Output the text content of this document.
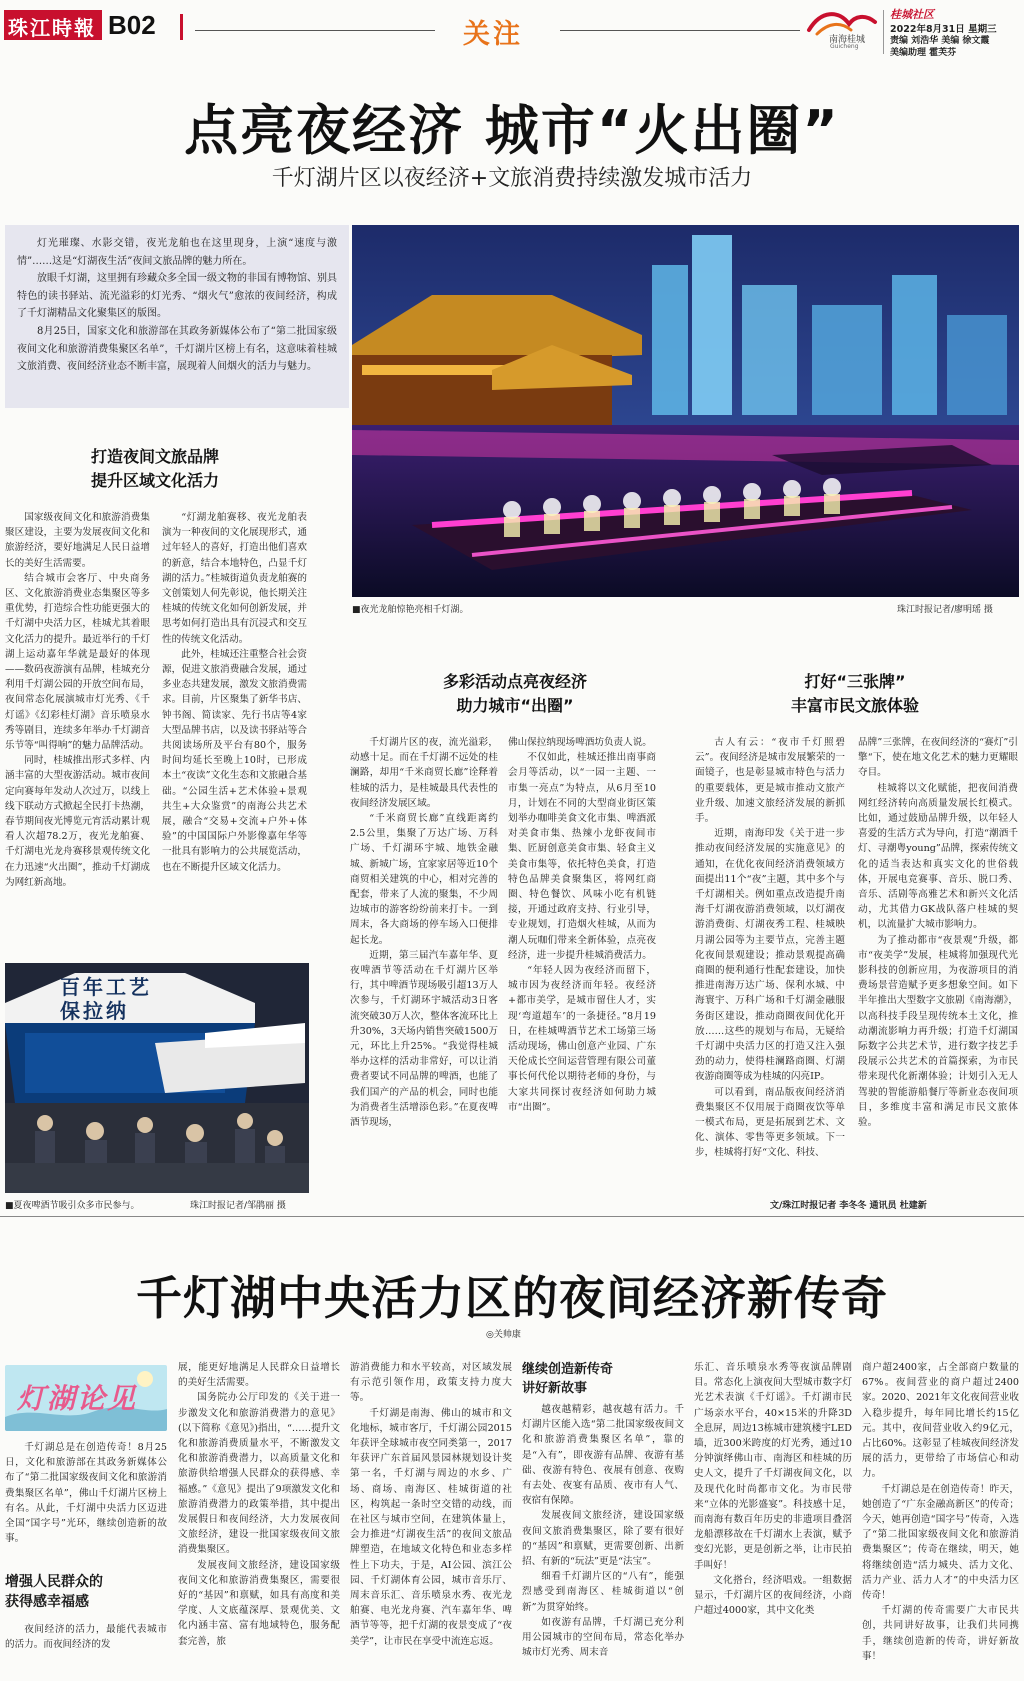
珠江時報 B02	关注	南海桂城
Guicheng
桂城社区
2022年8月31日 星期三
责编 刘浩华 美编 徐文霞
美编助理 霍芙芬
点亮夜经济 城市“火出圈”
千灯湖片区以夜经济+文旅消费持续激发城市活力

灯光璀璨、水影交错，夜光龙舶也在这里现身，上演“速度与激情”……这是“灯湖夜生活”夜间文旅品牌的魅力所在。

放眼千灯湖，这里拥有珍藏众多全国一级文物的非国有博物馆、别具特色的读书驿站、流光溢彩的灯光秀、“烟火气”愈浓的夜间经济，构成了千灯湖精品文化聚集区的版图。

8月25日，国家文化和旅游部在其政务新媒体公布了“第二批国家级夜间文化和旅游消费集聚区名单”，千灯湖片区榜上有名，这意味着桂城文旅消费、夜间经济业态不断丰富，展现着人间烟火的活力与魅力。

■夜光龙舶惊艳亮相千灯湖。	珠江时报记者/廖明瑶 摄
打造夜间文旅品牌
提升区域文化活力

国家级夜间文化和旅游消费集聚区建设，主要为发展夜间文化和旅游经济，要好地满足人民日益增长的美好生活需要。

结合城市会客厅、中央商务区、文化旅游消费业态集聚区等多重优势，打造综合性功能更强大的千灯湖中央活力区，桂城尤其着眼文化活力的提升。最近举行的千灯湖上运动嘉年华就是最好的体现——数码夜游演有品牌，桂城充分利用千灯湖公园的开放空间布局，夜间常态化展演城市灯光秀、《千灯谣》《幻彩桂灯湖》音乐喷泉水秀等剧目，连续多年举办千灯湖音乐节等“叫得响”的魅力品牌活动。

同时，桂城推出形式多样、内涵丰富的大型夜游活动。城市夜间定向赛每年发动人次过万，以线上线下联动方式掀起全民打卡热潮，春节期间夜光博览元宵活动累计观看人次超78.2万，夜光龙舶赛、千灯湖电光龙舟赛移景观传统文化在力迅速“火出圈”，推动千灯湖成为网红新高地。

“灯湖龙舶赛移、夜光龙舶表演为一种夜间的文化展现形式，通过年轻人的喜好，打造出他们喜欢的新意，结合本地特色，凸显千灯湖的活力。”桂城街道负责龙舶赛的文创策划人何先彰说，他长期关注桂城的传统文化如何创新发展，并思考如何打造出具有沉浸式和交互性的传统文化活动。

此外，桂城还注重整合社会资源，促进文旅消费融合发展，通过多业态共建发展，激发文旅消费需求。目前，片区聚集了新华书店、钟书阁、简读家、先行书店等4家大型品牌书店，以及读书驿站等合共阅读场所及平台有80个，服务时间均延长至晚上10时，已形成本土“夜读”文化生态和文旅融合基础。“公园生活+艺术体验+景观共生+大众鉴赏”的南海公共艺术展，融合“交易+交流+户外+体验”的中国国际户外影像嘉年华等一批具有影响力的公共展览活动，也在不断提升区域文化活力。

百年工艺 保拉纳
■夏夜啤酒节吸引众多市民参与。	珠江时报记者/邹鹃丽 摄
多彩活动点亮夜经济
助力城市“出圈”

千灯湖片区的夜，流光溢彩，动感十足。而在千灯湖不远处的桂澜路，却用“千米商贸长廊”诠释着桂城的活力，是桂城最具代表性的夜间经济发展区域。

“千米商贸长廊”直线距离约2.5公里，集聚了万达广场、万科广场、千灯湖环宇城、地铁金融城、新城广场，宜家家居等近10个商贸相关建筑的中心，相对完善的配套，带来了人流的聚集，不少周边城市的游客纷纷前来打卡。一到周末，各大商场的停车场入口便排起长龙。

近期，第三届汽车嘉年华、夏夜啤酒节等活动在千灯湖片区举行，其中啤酒节现场吸引超13万人次参与，千灯湖环宇城活动3日客流突破30万人次，整体客流环比上升30%，3天场内销售突破1500万元，环比上升25%。“我觉得桂城举办这样的活动非常好，可以让消费者要试不同品牌的啤酒，也能了我们国产的产品的机会，同时也能为消费者生活增添色彩。”在夏夜啤酒节现场，

佛山保拉纳现场啤酒坊负责人说。

不仅如此，桂城还推出南事商会月等活动，以“一园一主题、一市集一亮点”为特点，从6月至10月，计划在不同的大型商业街区策划举办咖啡美食文化市集、啤酒派对美食市集、热辣小龙虾夜间市集、匠厨创意美食市集、轻食主义美食市集等，依托特色美食，打造特色品牌美食聚集区，将网红商圈、特色餐饮、风味小吃有机链接，开通过政府支持、行业引导，专业规划，打造烟火桂城，从而为潮人玩咖们带来全新体验，点亮夜经济，进一步提升桂城消费活力。

“年轻人因为夜经济而留下，城市因为夜经济而年轻。夜经济+都市美学，是城市留住人才，实现‘弯道超车’的一条捷径。”8月19日，在桂城啤酒节艺术工场第三场活动现场，佛山创意产业园、广东天伦成长空间运营管理有限公司董事长何代伦以期待老师的身份，与大家共同探讨夜经济如何助力城市“出圈”。

打好“三张牌”
丰富市民文旅体验

古人有云：“夜市千灯照碧云”。夜间经济是城市发展繁荣的一面镜子，也是彰显城市特色与活力的重要载体，更是城市推动文旅产业升级、加速文旅经济发展的新抓手。

近期，南海印发《关于进一步推动夜间经济发展的实施意见》的通知，在优化夜间经济消费领域方面提出11个“夜”主题，其中多个与千灯湖相关。例如重点改造提升南海千灯湖夜游消费领域，以灯湖夜游消费街、灯湖夜秀工程、桂城映月湖公园等为主要节点，完善主题化夜间景观建设；推动景观提高确商圈的便利通行性配套建设，加快推进南海万达广场、保利水城、中海寰宇、万科广场和千灯湖金融服务街区建设，推动商圈夜间优化开放……这些的规划与布局，无疑给千灯湖中央活力区的打造又注入强劲的动力，使得桂澜路商圈、灯湖夜游商圈等成为桂城的闪亮IP。

可以看到，南品版夜间经济消费集聚区不仅用展于商圈夜饮等单一模式布局，更是拓展到艺术、文化、演体、零售等更多领域。下一步，桂城将打好“文化、科技、

品牌”三张牌，在夜间经济的“赛灯”引擎“下，使在地文化艺术的魅力更耀眼夺目。

桂城将以文化赋能，把夜间消费网红经济转向高质量发展长红模式。比如，通过鼓励品牌升级，以年轻人喜爱的生活方式为导向，打造“潮酒千灯、寻潮粤young”品牌，探索传统文化的适当表达和真实文化的世俗载体，开展电竞赛事、音乐、脱口秀、音乐、活剧等高雅艺术和新兴文化活动，尤其借力GK战队落户桂城的契机，以流量扩大城市影响力。

为了推动都市“夜景观”升级，都市“夜美学”发展，桂城将加强现代光影科技的创新应用，为夜游项目的消费场景营造赋予更多想象空间。如下半年推出大型数字文旅剧《南海潮》，以高科技手段呈现传统本土文化，推动潮流影响力再升级；打造千灯湖国际数字公共艺术节，进行数字技艺手段展示公共艺术的首篇探索，为市民带来现代化新潮体验；计划引入无人驾驶的智能游船餐厅等新业态夜间项目，多维度丰富和满足市民文旅体验。

文/珠江时报记者 李冬冬 通讯员 杜建新
千灯湖中央活力区的夜间经济新传奇
◎关帅康
灯湖论见

千灯湖总是在创造传奇！8月25日，文化和旅游部在其政务新媒体公布了“第二批国家级夜间文化和旅游消费集聚区名单”，佛山千灯湖片区榜上有名。从此，千灯湖中央活力区迈进全国“国字号”光环，继续创造新的故事。

增强人民群众的
获得感幸福感

夜间经济的活力，最能代表城市的活力。而夜间经济的发

展，能更好地满足人民群众日益增长的美好生活需要。

国务院办公厅印发的《关于进一步激发文化和旅游消费潜力的意见》(以下简称《意见》)指出，“……提升文化和旅游消费质量水平，不断激发文化和旅游消费潜力，以高质量文化和旅游供给增强人民群众的获得感、幸福感。”《意见》提出了9项激发文化和旅游消费潜力的政策举措，其中提出发展假日和夜间经济，大力发展夜间文旅经济，建设一批国家级夜间文旅消费集聚区。

发展夜间文旅经济，建设国家级夜间文化和旅游消费集聚区，需要很好的“基因”和禀赋，如具有高度和美学度、人文底蕴深厚、景观优美、文化内涵丰富、富有地域特色，服务配套完善，旅

游消费能力和水平较高，对区域发展有示范引领作用，政策支持力度大等。

千灯湖是南海、佛山的城市和文化地标，城市客厅，千灯湖公园2015年获评全球城市夜空同类第一，2017年获评广东首届风景园林规划设计奖第一名，千灯湖与周边的水乡、广场、商场、南海区、桂城街道的社区，构筑起一条时空交错的动线，而在社区与城市空间，在建筑体量上，会力推进“灯湖夜生活”的夜间文旅品牌塑造，在地域文化特色和业态多样性上下功夫，于是，AI公园、滨江公园、千灯湖体育公园，城市音乐厅、周末音乐汇、音乐喷泉水秀、夜光龙舶赛、电光龙舟赛、汽车嘉年华、啤酒节等等，把千灯湖的夜景变成了“夜美学”，让市民在享受中流连忘返。

继续创造新传奇
讲好新故事

越夜越精彩，越夜越有活力。千灯湖片区能入选“第二批国家级夜间文化和旅游消费集聚区名单”，靠的是“入有”，即夜游有品牌、夜游有基础、夜游有特色、夜展有创意、夜购有去处、夜宴有品质、夜市有人气、夜宿有保障。

发展夜间文旅经济，建设国家级夜间文旅消费集聚区，除了要有很好的“基因”和禀赋，更需要创新、出新招、有新的“玩法”更是“法宝”。

细看千灯湖片区的“八有”，能强烈感受到南海区、桂城街道以“创新”为贯穿始终。

如夜游有品牌，千灯湖已充分利用公园城市的空间布局，常态化举办城市灯光秀、周末音

乐汇、音乐喷泉水秀等夜演品牌剧目。常态化上演夜间大型城市数字灯光艺术表演《千灯谣》。千灯湖市民广场亲水平台，40×15米的升降3D全息屏，周边13栋城市建筑楼宇LED墙，近300米跨度的灯光秀，通过10分钟演绎佛山市、南海区和桂城的历史人文，提升了千灯湖夜间文化，以及现代化时尚都市文化。为市民带来“立体的光影盛宴”。科技感十足，而南海有数百年历史的非遗项目叠滘龙船漂移故在千灯湖水上表演，赋予变幻光影，更是创新之举，让市民拍手叫好！

文化搭台，经济唱戏。一组数据显示，千灯湖片区的夜间经济，小商户超过4000家，其中文化类

商户超2400家，占全部商户数量的67%。夜间营业的商户超过2400家。2020、2021年文化夜间营业收入稳步提升，每年同比增长约15亿元。其中，夜间营业收入约9亿元，占比60%。这彰显了桂城夜间经济发展的活力，更带给了市场信心和动力。

千灯湖总是在创造传奇！昨天，她创造了“广东金融高新区”的传奇；今天，她再创造“国字号”传奇，入选了“第二批国家级夜间文化和旅游消费集聚区”；传奇在继续，明天，她将继续创造“活力城央、活力文化、活力产业、活力人才”的中央活力区传奇！

千灯湖的传奇需要广大市民共创，共同讲好故事，让我们共同携手，继续创造新的传奇，讲好新故事！
